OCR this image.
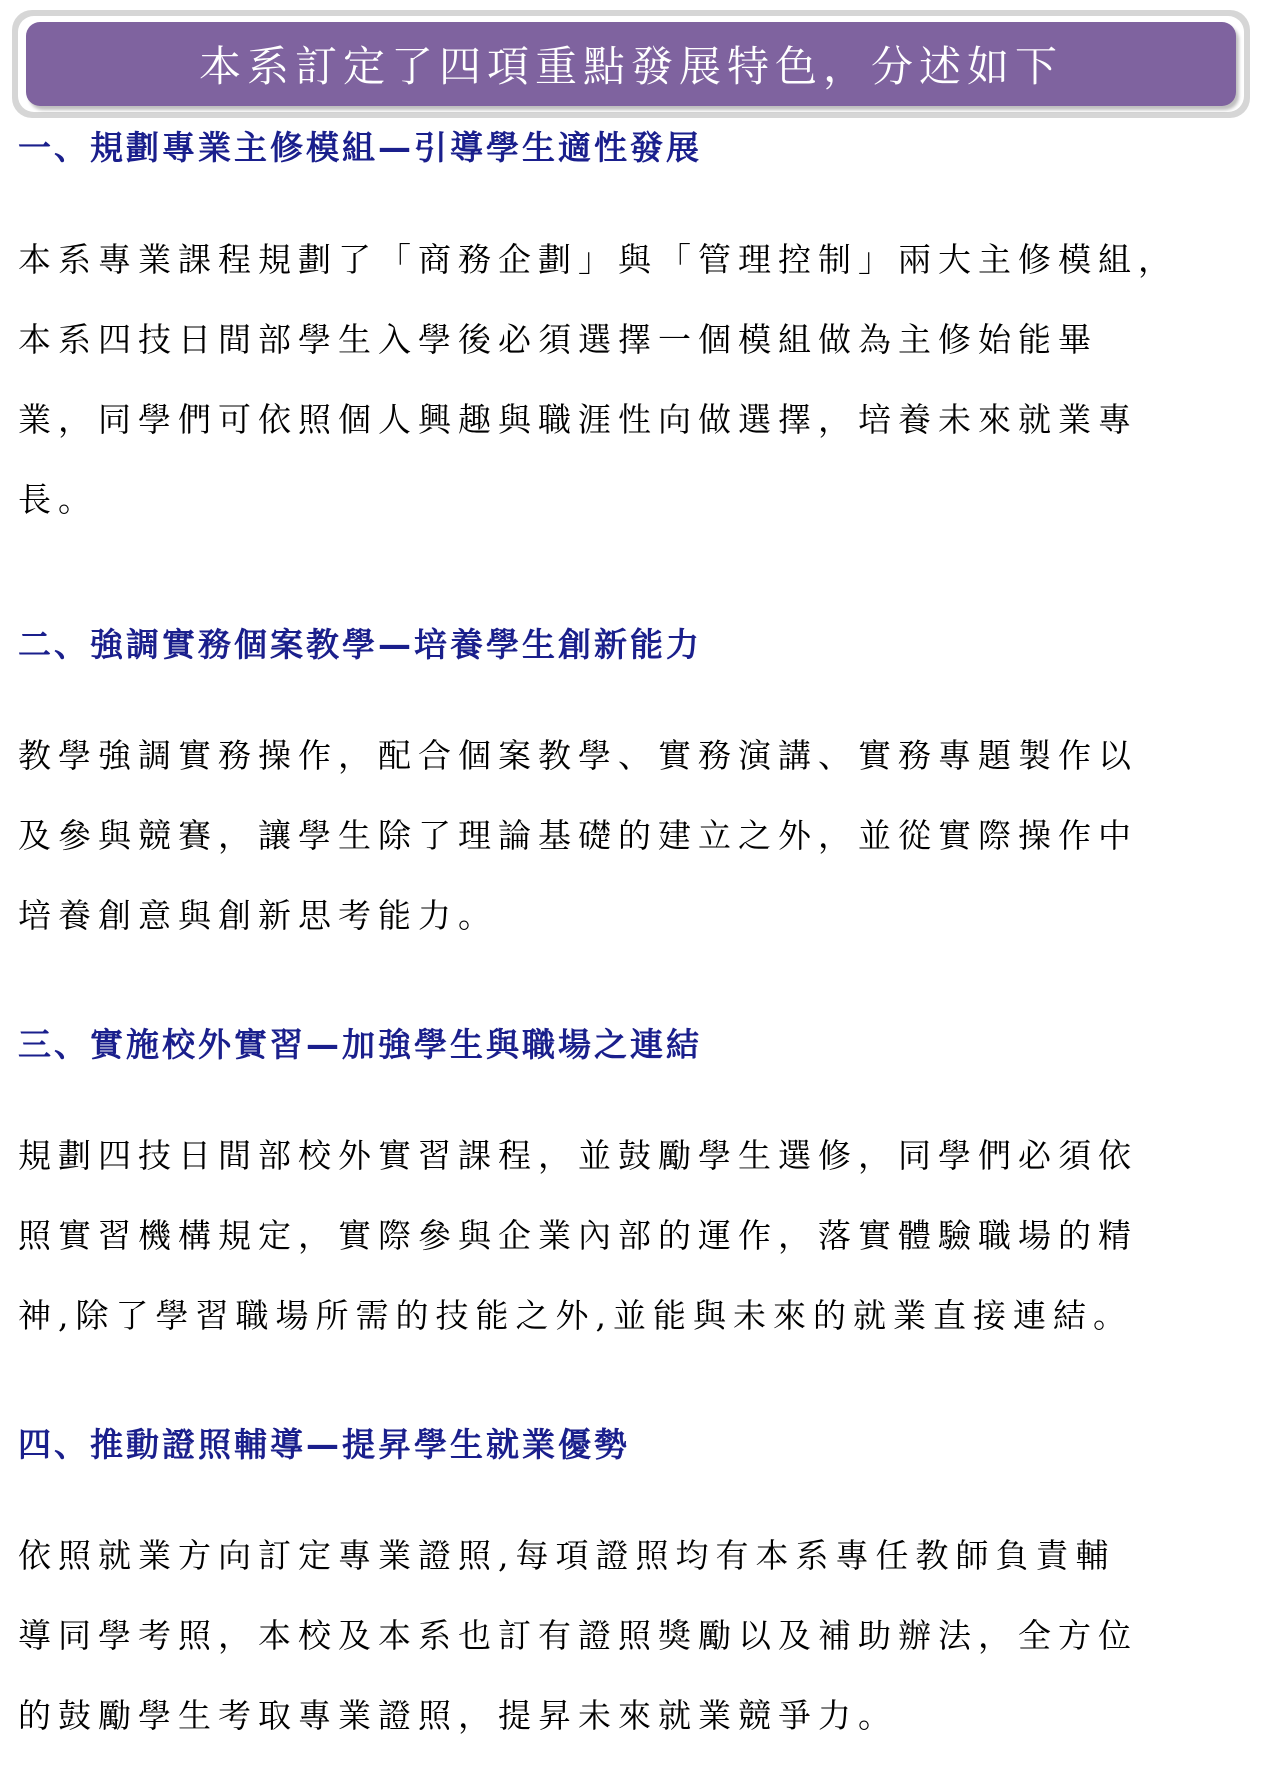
本系訂定了四項重點發展特色，分述如下
一、規劃專業主修模組—引導學生適性發展
本系專業課程規劃了「商務企劃」與「管理控制」兩大主修模組，
本系四技日間部學生入學後必須選擇一個模組做為主修始能畢
業，同學們可依照個人興趣與職涯性向做選擇，培養未來就業專
長。
二、強調實務個案教學—培養學生創新能力
教學強調實務操作，配合個案教學、實務演講、實務專題製作以
及參與競賽，讓學生除了理論基礎的建立之外，並從實際操作中
培養創意與創新思考能力。
三、實施校外實習—加強學生與職場之連結
規劃四技日間部校外實習課程，並鼓勵學生選修，同學們必須依
照實習機構規定，實際參與企業內部的運作，落實體驗職場的精
神,除了學習職場所需的技能之外,並能與未來的就業直接連結。
四、推動證照輔導—提昇學生就業優勢
依照就業方向訂定專業證照,每項證照均有本系專任教師負責輔
導同學考照，本校及本系也訂有證照獎勵以及補助辦法，全方位
的鼓勵學生考取專業證照，提昇未來就業競爭力。
